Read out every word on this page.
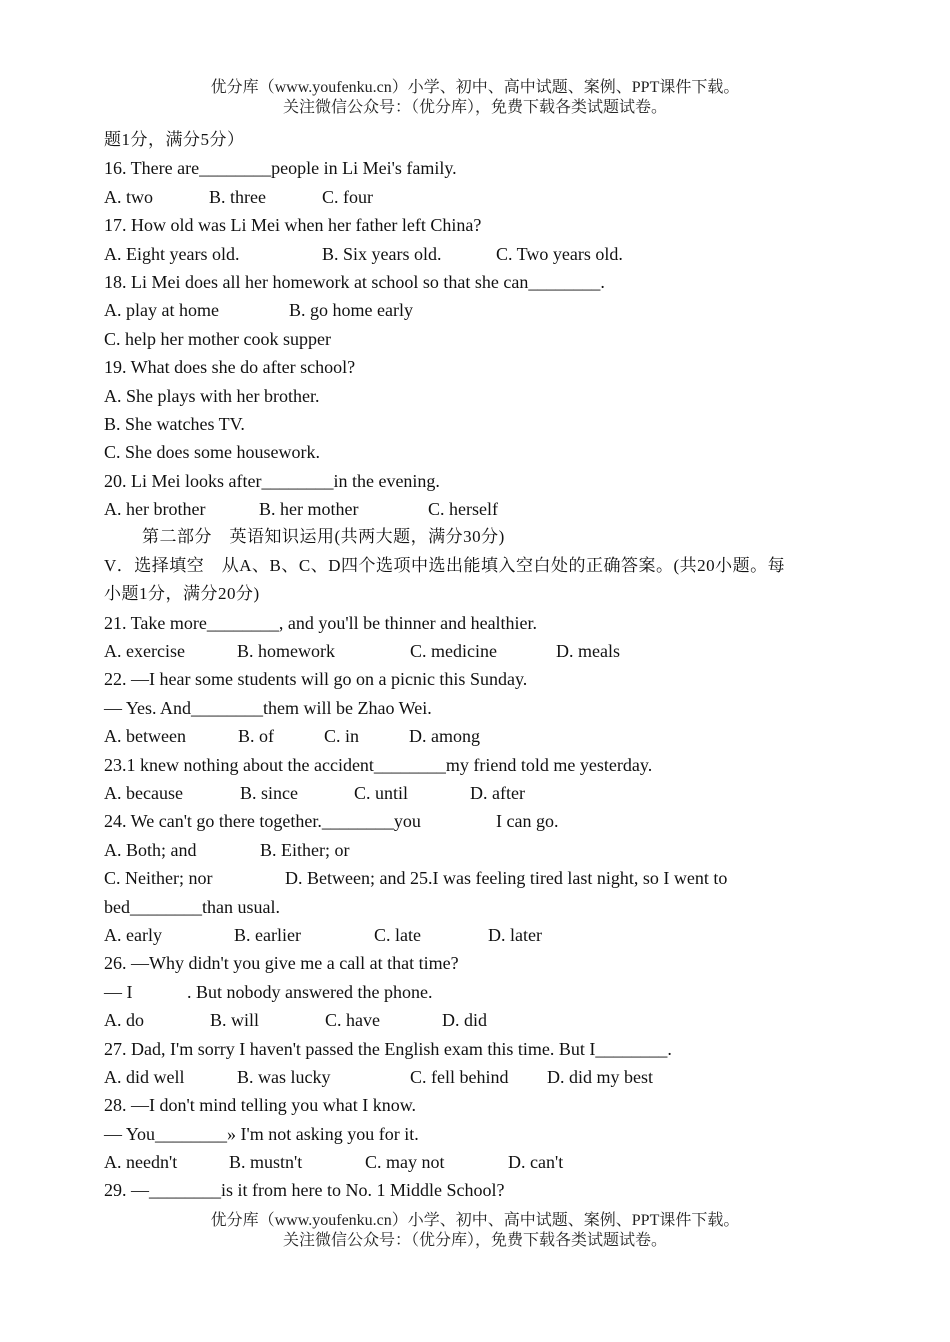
优分库（www.youfenku.cn）小学、初中、高中试题、案例、PPT课件下载。
关注微信公众号：（优分库），免费下载各类试题试卷。
题1分，满分5分）
16. There are________people in Li Mei's family.
A. two	B. three	C. four
17. How old was Li Mei when her father left China?
A. Eight years old.	B. Six years old.	C. Two years old.
18. Li Mei does all her homework at school so that she can________.
A. play at home	B. go home early
C. help her mother cook supper
19. What does she do after school?
A. She plays with her brother.
B. She watches TV.
C. She does some housework.
20. Li Mei looks after________in the evening.
A. her brother	B. her mother	C. herself
第二部分　英语知识运用(共两大题，满分30分)
V．选择填空　从A、B、C、D四个选项中选出能填入空白处的正确答案。(共20小题。每
小题1分，满分20分)
21. Take more________, and you'll be thinner and healthier.
A. exercise	B. homework	C. medicine	D. meals
22. —I hear some students will go on a picnic this Sunday.
— Yes. And________them will be Zhao Wei.
A. between	B. of	C. in	D. among
23.1 knew nothing about the accident________my friend told me yesterday.
A. because	B. since	C. until	D. after
24. We can't go there together.________you	I can go.
A. Both; and	B. Either; or
C. Neither; nor	D. Between; and 25.I was feeling tired last night, so I went to
bed________than usual.
A. early	B. earlier	C. late	D. later
26. —Why didn't you give me a call at that time?
— I	. But nobody answered the phone.
A. do	B. will	C. have	D. did
27. Dad, I'm sorry I haven't passed the English exam this time. But I________.
A. did well	B. was lucky	C. fell behind D. did my best
28. —I don't mind telling you what I know.
— You________» I'm not asking you for it.
A. needn't	B. mustn't	C. may not	D. can't
29. —________is it from here to No. 1 Middle School?
优分库（www.youfenku.cn）小学、初中、高中试题、案例、PPT课件下载。
关注微信公众号：（优分库），免费下载各类试题试卷。
